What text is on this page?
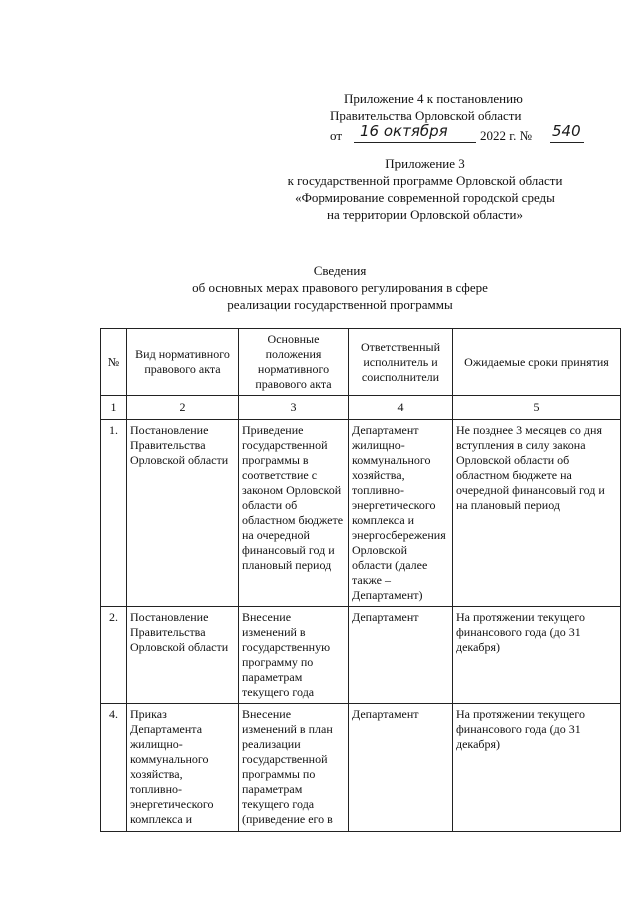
Приложение 4 к постановлению
Правительства Орловской области
от 16 октября 2022 г. № 540
Приложение 3
к государственной программе Орловской области
«Формирование современной городской среды
на территории Орловской области»
Сведения
об основных мерах правового регулирования в сфере
реализации государственной программы
№	Вид нормативного правового акта	Основные положения нормативного правового акта	Ответственный исполнитель и соисполнители	Ожидаемые сроки принятия
1	2	3	4	5
1.	Постановление Правительства Орловской области	Приведение государственной программы в соответствие с законом Орловской области об областном бюджете на очередной финансовый год и плановый период	Департамент жилищно-коммунального хозяйства, топливно-энергетического комплекса и энергосбережения Орловской области (далее также – Департамент)	Не позднее 3 месяцев со дня вступления в силу закона Орловской области об областном бюджете на очередной финансовый год и на плановый период
2.	Постановление Правительства Орловской области	Внесение изменений в государственную программу по параметрам текущего года	Департамент	На протяжении текущего финансового года (до 31 декабря)
4.	Приказ Департамента жилищно-коммунального хозяйства, топливно-энергетического комплекса и	Внесение изменений в план реализации государственной программы по параметрам текущего года (приведение его в	Департамент	На протяжении текущего финансового года (до 31 декабря)
